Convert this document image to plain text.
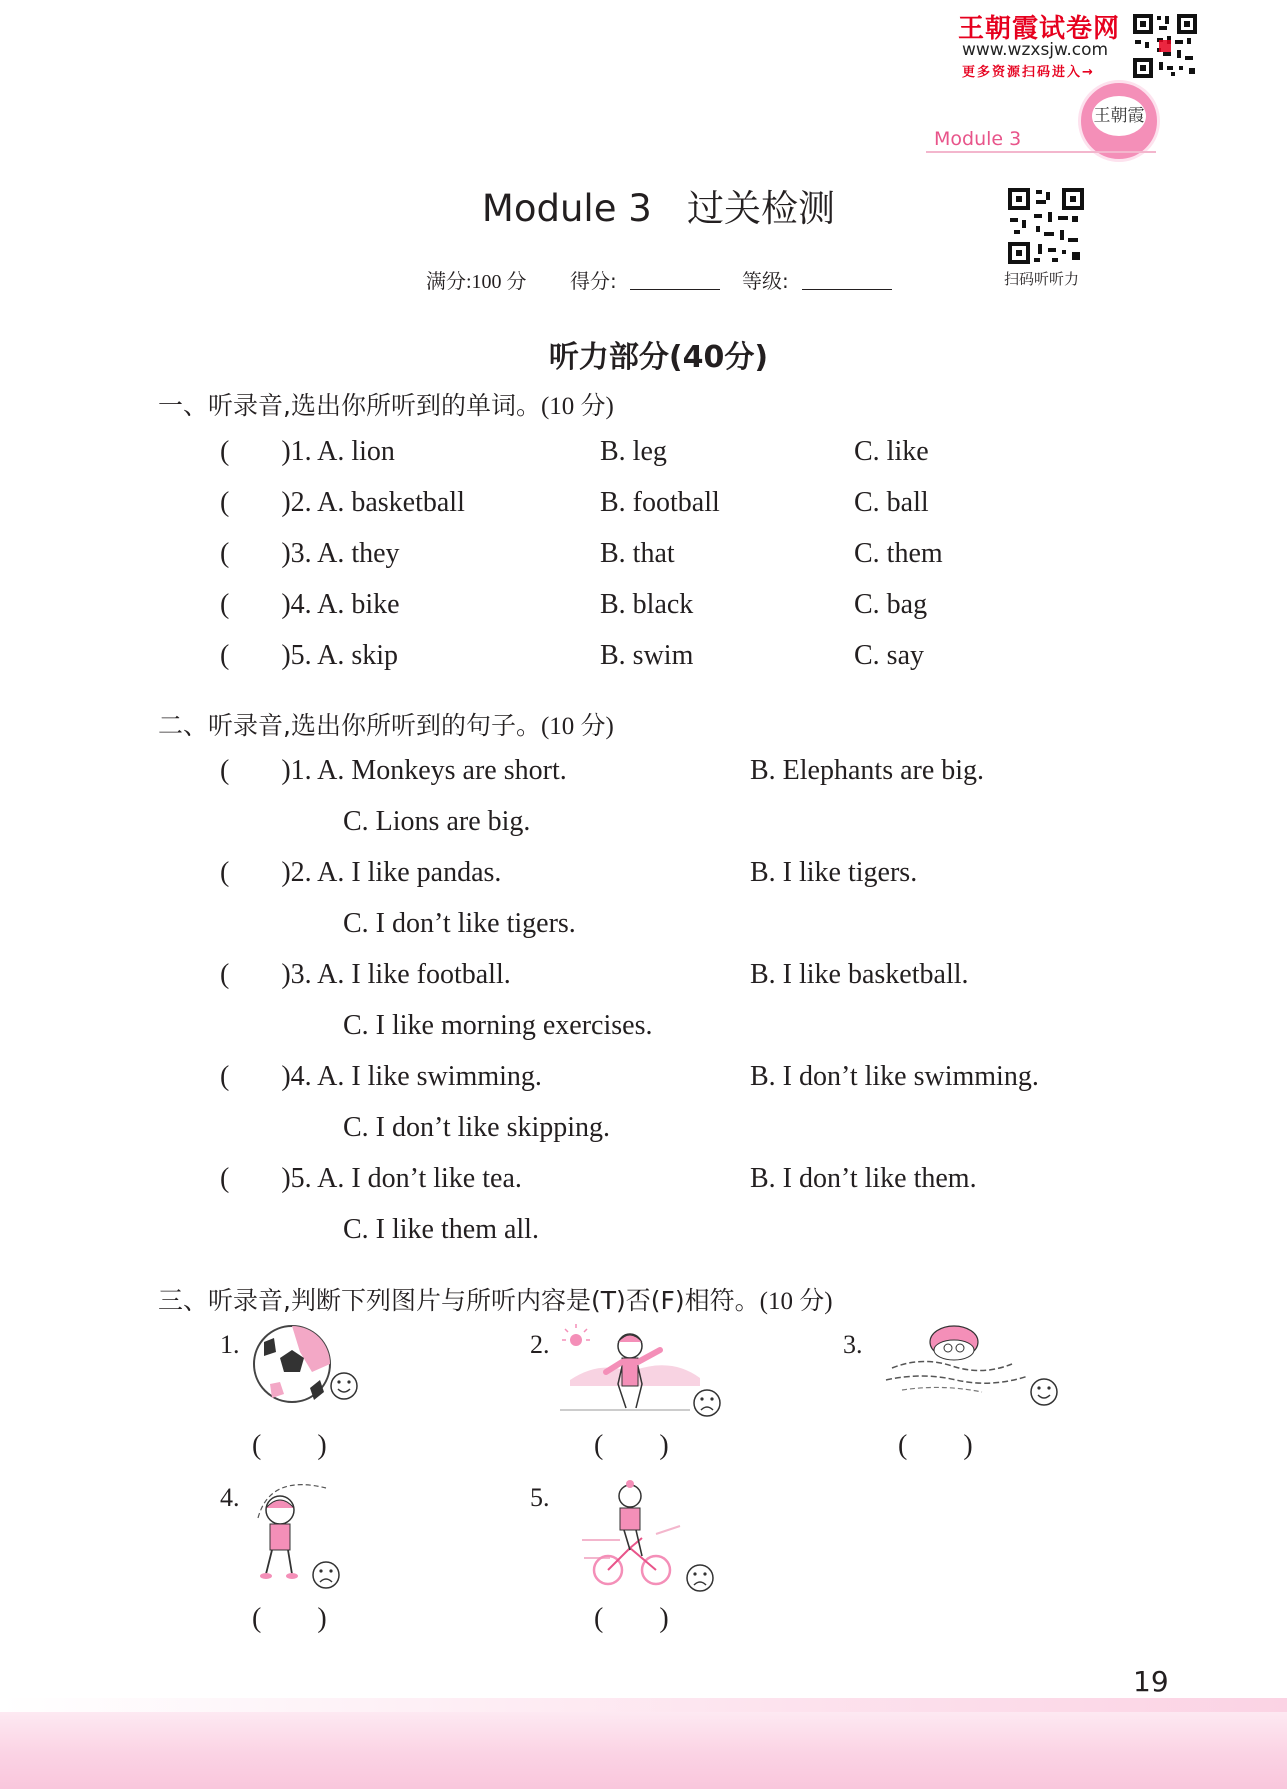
王朝霞试卷网
www.wzxsjw.com
更多资源扫码进入→
王朝霞
Module 3
扫码听听力
Module 3   过关检测
满分:100 分 得分:	等级:
听力部分(40分)
一、听录音,选出你所听到的单词。(10 分)
( )1. A. lion	B. leg	C. like
( )2. A. basketball	B. football	C. ball
( )3. A. they	B. that	C. them
( )4. A. bike	B. black	C. bag
( )5. A. skip	B. swim	C. say
二、听录音,选出你所听到的句子。(10 分)
( )1. A. Monkeys are short.	B. Elephants are big.
C. Lions are big.
( )2. A. I like pandas.	B. I like tigers.
C. I don’t like tigers.
( )3. A. I like football.	B. I like basketball.
C. I like morning exercises.
( )4. A. I like swimming.	B. I don’t like swimming.
C. I don’t like skipping.
( )5. A. I don’t like tea.	B. I don’t like them.
C. I like them all.
三、听录音,判断下列图片与所听内容是(T)否(F)相符。(10 分)
1.
(        )
2.
(        )
3.
(        )
4.
(        )
5.
(        )
19
